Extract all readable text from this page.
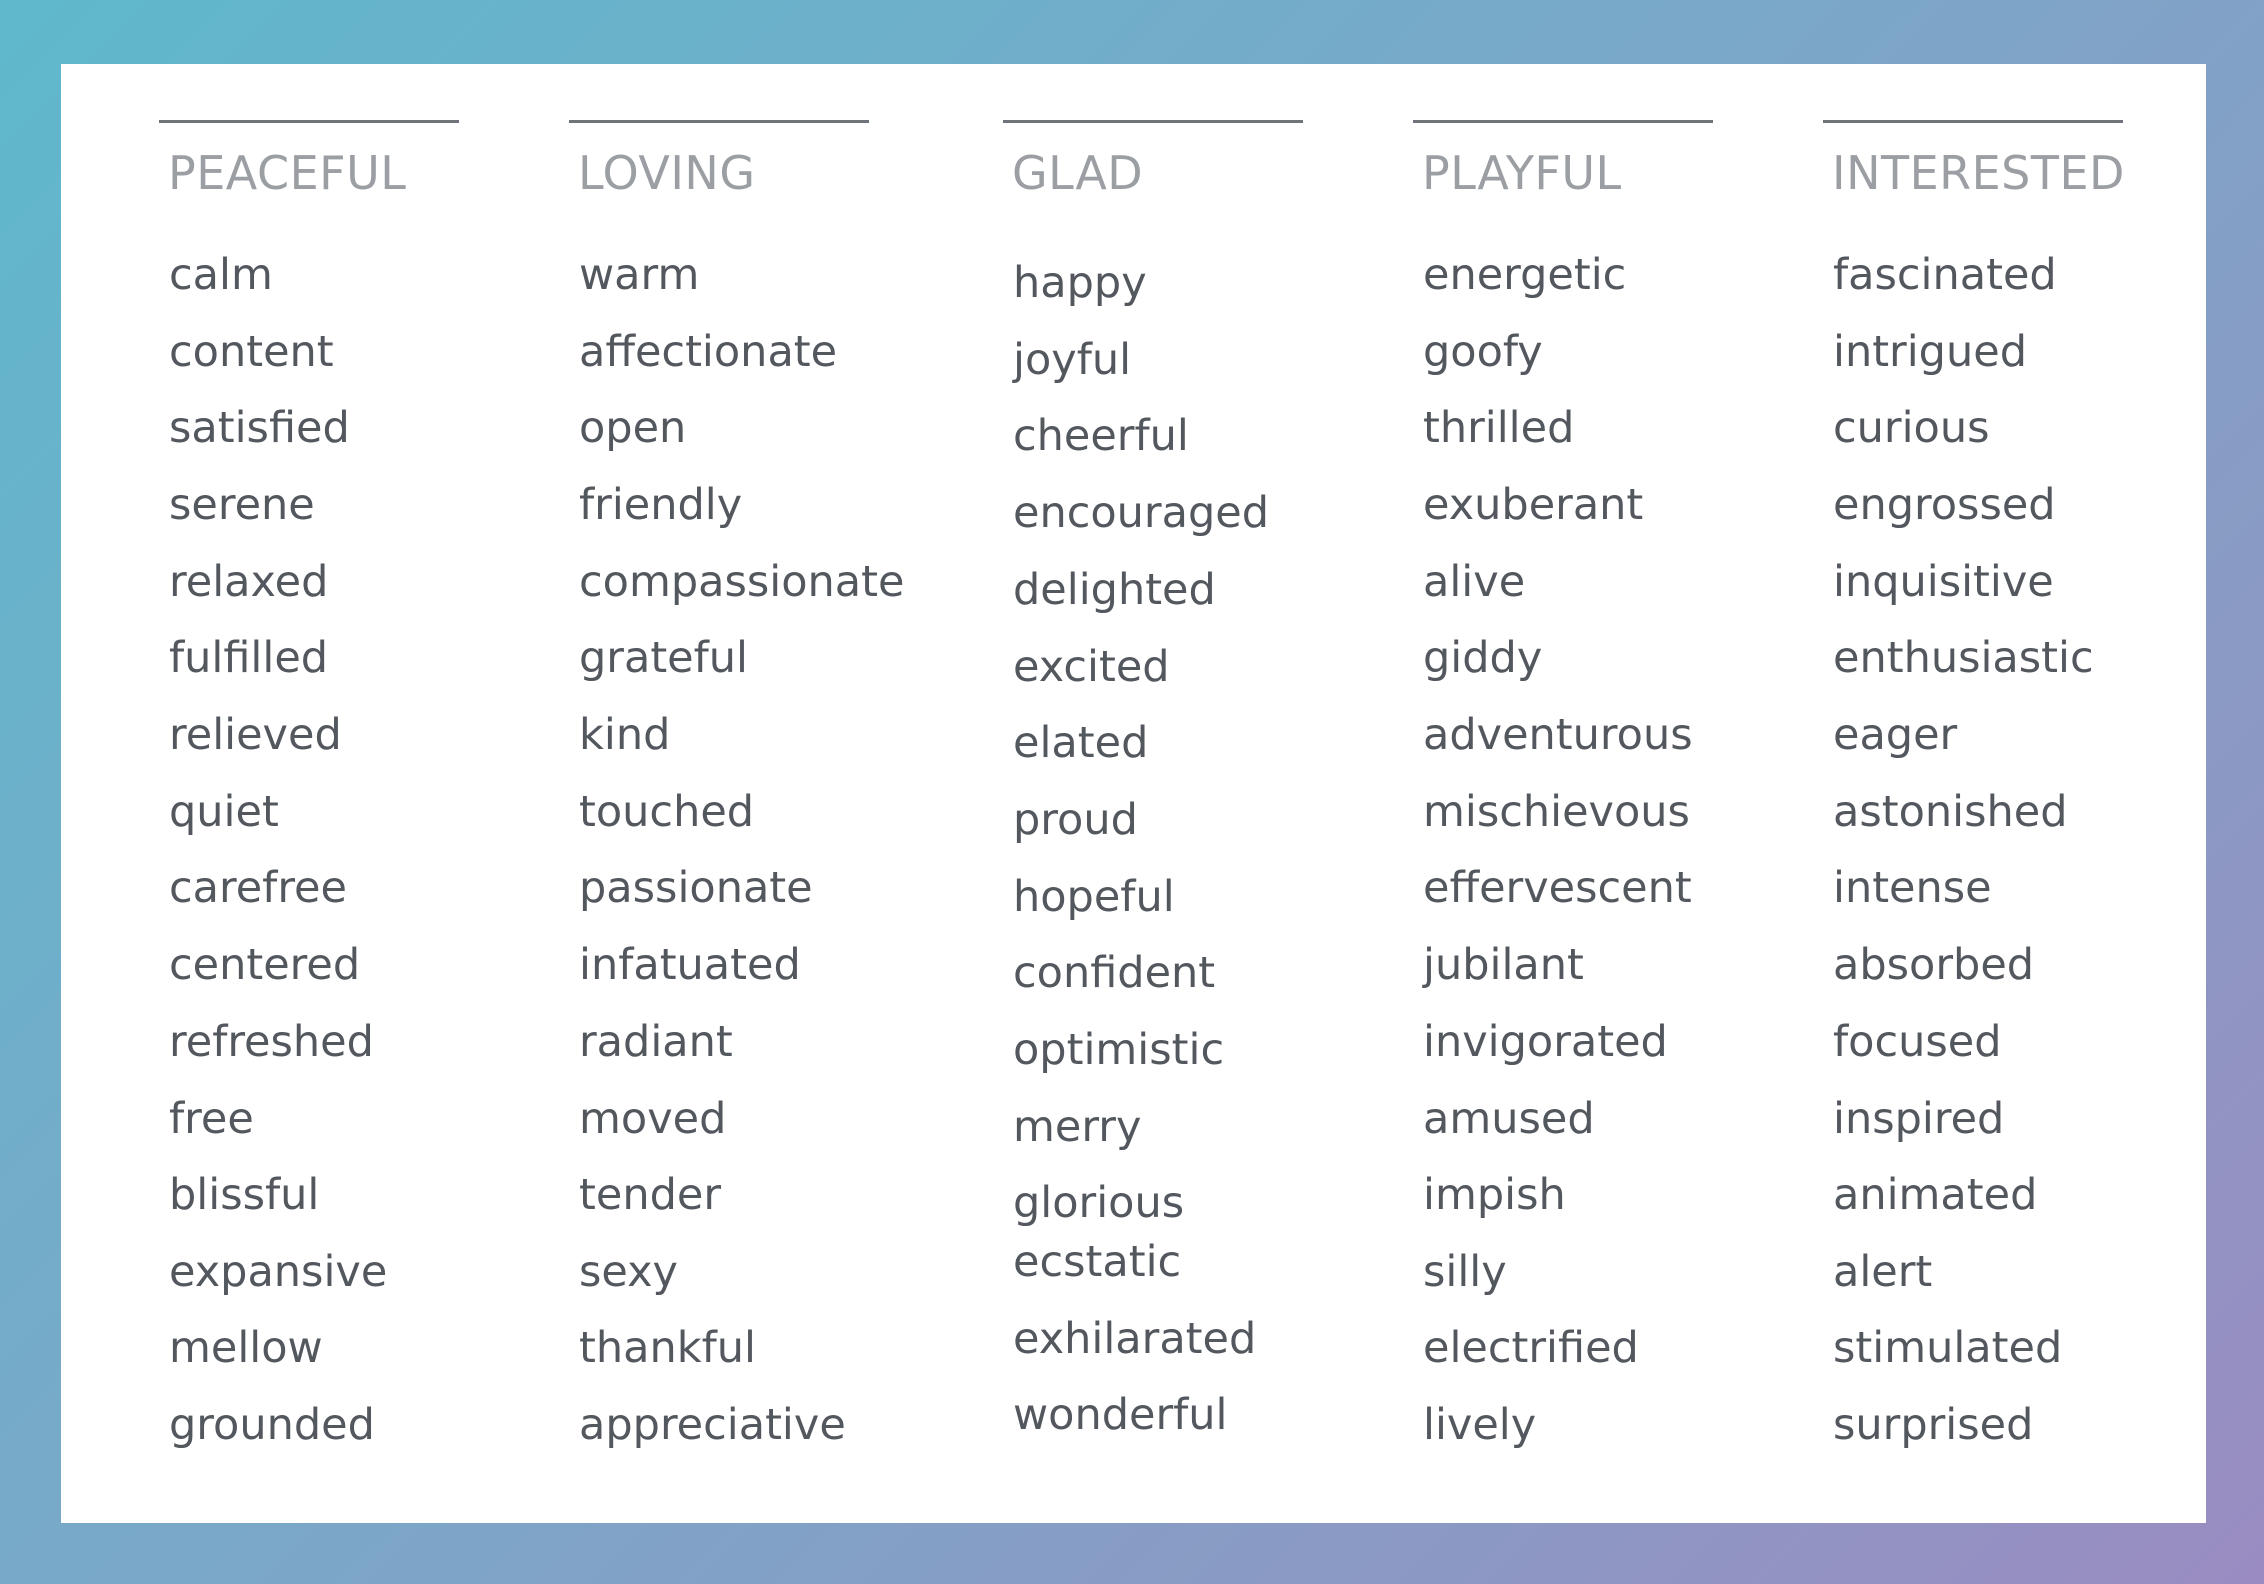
PEACEFUL
calm
content
satisfied
serene
relaxed
fulfilled
relieved
quiet
carefree
centered
refreshed
free
blissful
expansive
mellow
grounded
LOVING
warm
affectionate
open
friendly
compassionate
grateful
kind
touched
passionate
infatuated
radiant
moved
tender
sexy
thankful
appreciative
GLAD
happy
joyful
cheerful
encouraged
delighted
excited
elated
proud
hopeful
confident
optimistic
merry
glorious
ecstatic
exhilarated
wonderful
PLAYFUL
energetic
goofy
thrilled
exuberant
alive
giddy
adventurous
mischievous
effervescent
jubilant
invigorated
amused
impish
silly
electrified
lively
INTERESTED
fascinated
intrigued
curious
engrossed
inquisitive
enthusiastic
eager
astonished
intense
absorbed
focused
inspired
animated
alert
stimulated
surprised
